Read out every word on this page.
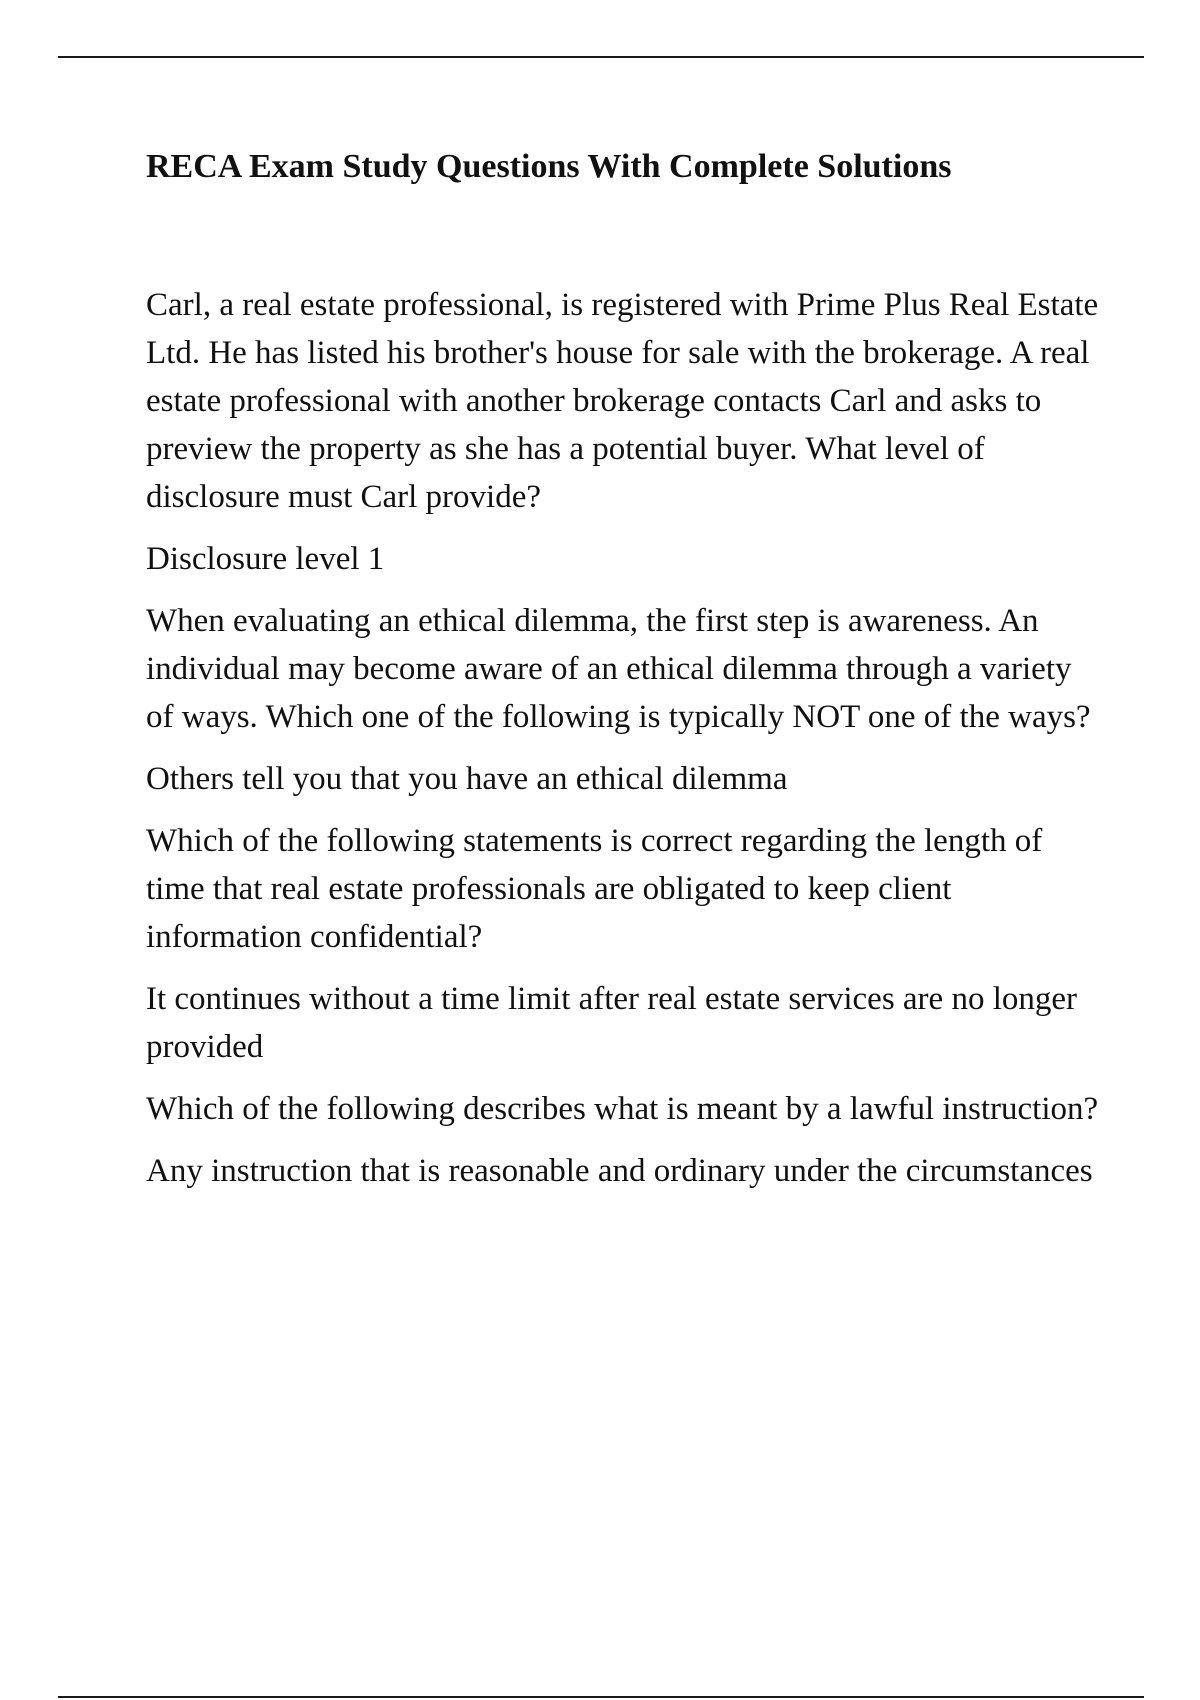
RECA Exam Study Questions With Complete Solutions

Carl, a real estate professional, is registered with Prime Plus Real Estate Ltd. He has listed his brother's house for sale with the brokerage. A real estate professional with another brokerage contacts Carl and asks to preview the property as she has a potential buyer. What level of disclosure must Carl provide?

Disclosure level 1

When evaluating an ethical dilemma, the first step is awareness. An individual may become aware of an ethical dilemma through a variety of ways. Which one of the following is typically NOT one of the ways?

Others tell you that you have an ethical dilemma

Which of the following statements is correct regarding the length of time that real estate professionals are obligated to keep client information confidential?

It continues without a time limit after real estate services are no longer provided

Which of the following describes what is meant by a lawful instruction?

Any instruction that is reasonable and ordinary under the circumstances
